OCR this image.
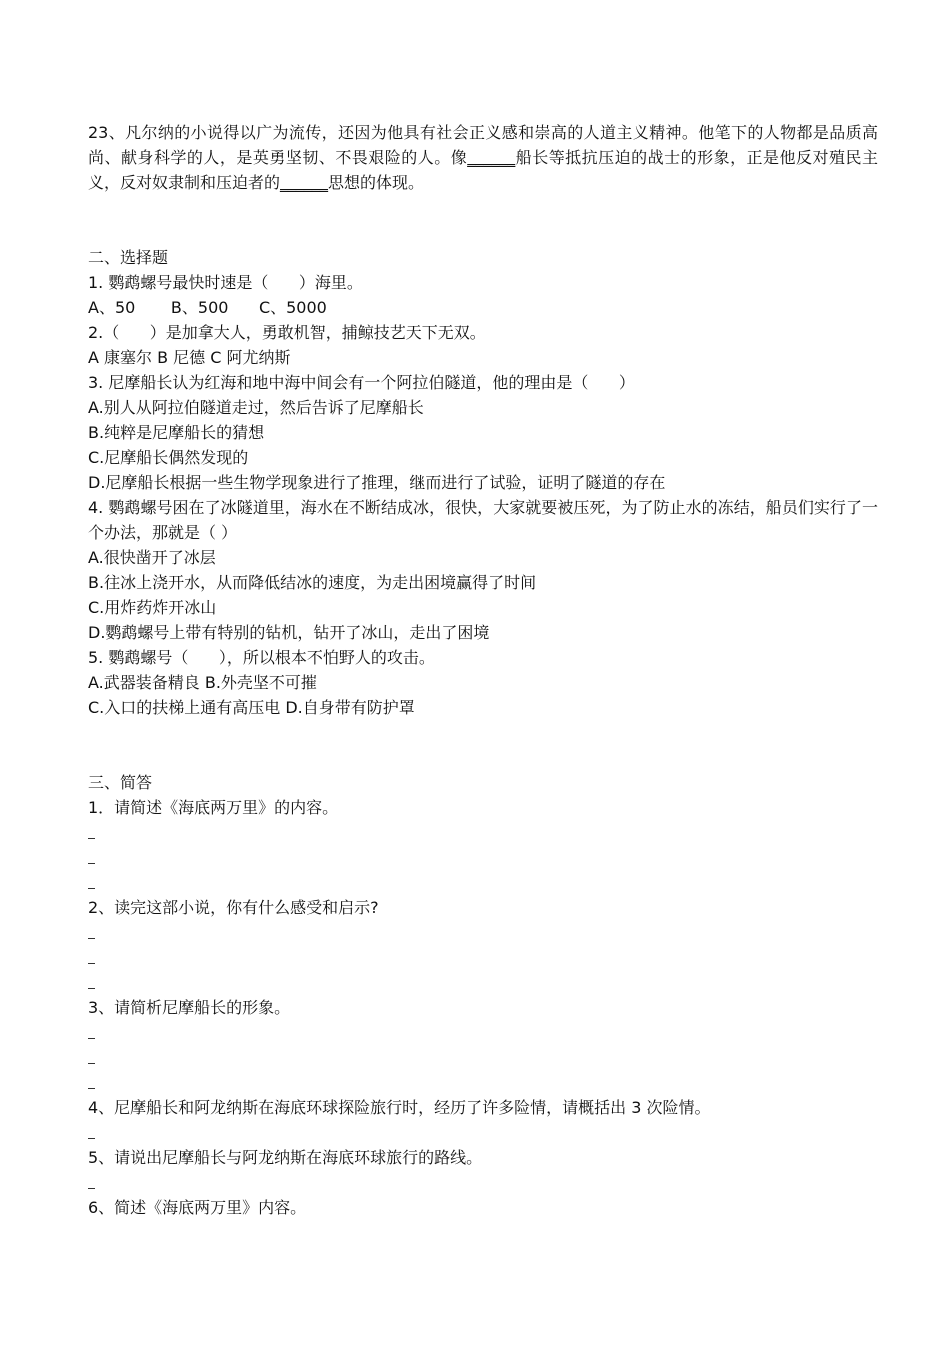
23、凡尔纳的小说得以广为流传，还因为他具有社会正义感和崇高的人道主义精神。他笔下的人物都是品质高尚、献身科学的人，是英勇坚韧、不畏艰险的人。像______船长等抵抗压迫的战士的形象，正是他反对殖民主义，反对奴隶制和压迫者的______思想的体现。

二、选择题

1. 鹦鹉螺号最快时速是（      ）海里。

A、50       B、500      C、5000

2.（      ）是加拿大人，勇敢机智，捕鲸技艺天下无双。

A 康塞尔 B 尼德 C 阿尤纳斯

3. 尼摩船长认为红海和地中海中间会有一个阿拉伯隧道，他的理由是（      ）

A.别人从阿拉伯隧道走过，然后告诉了尼摩船长

B.纯粹是尼摩船长的猜想

C.尼摩船长偶然发现的

D.尼摩船长根据一些生物学现象进行了推理，继而进行了试验，证明了隧道的存在

4. 鹦鹉螺号困在了冰隧道里，海水在不断结成冰，很快，大家就要被压死，为了防止水的冻结，船员们实行了一个办法，那就是（ ）

A.很快凿开了冰层

B.往冰上浇开水，从而降低结冰的速度，为走出困境赢得了时间

C.用炸药炸开冰山

D.鹦鹉螺号上带有特别的钻机，钻开了冰山，走出了困境

5. 鹦鹉螺号（      ），所以根本不怕野人的攻击。

A.武器装备精良 B.外壳坚不可摧

C.入口的扶梯上通有高压电 D.自身带有防护罩

三、简答

1．请简述《海底两万里》的内容。

2、读完这部小说，你有什么感受和启示?

3、请简析尼摩船长的形象。

4、尼摩船长和阿龙纳斯在海底环球探险旅行时，经历了许多险情，请概括出 3 次险情。

5、请说出尼摩船长与阿龙纳斯在海底环球旅行的路线。

6、简述《海底两万里》内容。
